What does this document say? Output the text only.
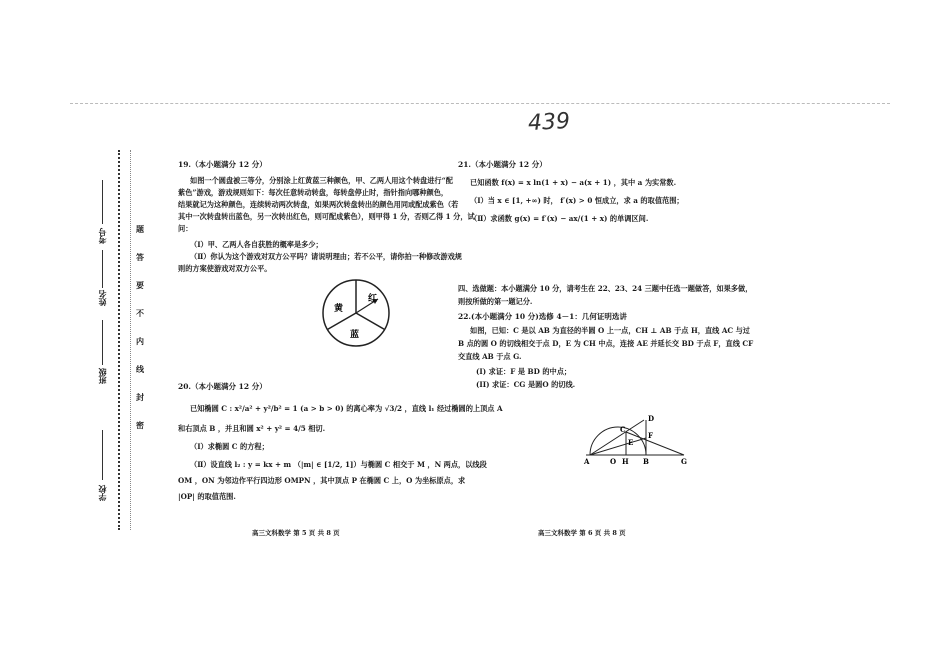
439
学校
班级
姓名
考号
密
封
线
内
不
要
答
题
19.（本小题满分 12 分）
如图一个圆盘被三等分，分别涂上红黄蓝三种颜色，甲、乙两人用这个转盘进行“配
紫色”游戏，游戏规则如下：每次任意转动转盘，每转盘停止时，指针指向哪种颜色，
结果就记为这种颜色，连续转动两次转盘，如果两次转盘转出的颜色用同或配成紫色（若
其中一次转盘转出蓝色，另一次转出红色，则可配成紫色），则甲得 1 分，否则乙得 1 分，试
问：
（Ⅰ）甲、乙两人各自获胜的概率是多少；
（Ⅱ）你认为这个游戏对双方公平吗？请说明理由；若不公平，请你拍一种修改游戏规
则的方案使游戏对双方公平。
红
黄
蓝
20.（本小题满分 12 分）
已知椭圆 C : x²/a² + y²/b² = 1 (a > b > 0) 的离心率为 √3/2 ，直线 l₁ 经过椭圆的上顶点 A
和右顶点 B ，并且和圆 x² + y² = 4/5 相切.
（Ⅰ）求椭圆 C 的方程；
（Ⅱ）设直线 l₂ : y = kx + m （|m| ∈ [1/2, 1]）与椭圆 C 相交于 M ，N 两点，以线段
OM ，ON 为邻边作平行四边形 OMPN ，其中顶点 P 在椭圆 C 上，O 为坐标原点，求
|OP| 的取值范围.
21.（本小题满分 12 分）
已知函数 f(x) = x ln(1 + x) − a(x + 1) ，其中 a 为实常数.
（Ⅰ）当 x ∈ [1, +∞) 时， f′(x) > 0 恒成立，求 a 的取值范围；
（Ⅱ）求函数 g(x) = f′(x) − ax/(1 + x) 的单调区间.
四、选做题：本小题满分 10 分，请考生在 22、23、24 三题中任选一题做答，如果多做，
则按所做的第一题记分.
22.(本小题满分 10 分)选修 4－1：几何证明选讲
如图，已知：C 是以 AB 为直径的半圆 O 上一点，CH ⊥ AB 于点 H，直线 AC 与过
B 点的圆 O 的切线相交于点 D，E 为 CH 中点，连接 AE 并延长交 BD 于点 F，直线 CF
交直线 AB 于点 G.
(I) 求证：F 是 BD 的中点；
(II) 求证：CG 是圆O 的切线.
D
C
F
E
A	O H B	G
高三文科数学 第 5 页 共 8 页	高三文科数学 第 6 页 共 8 页
